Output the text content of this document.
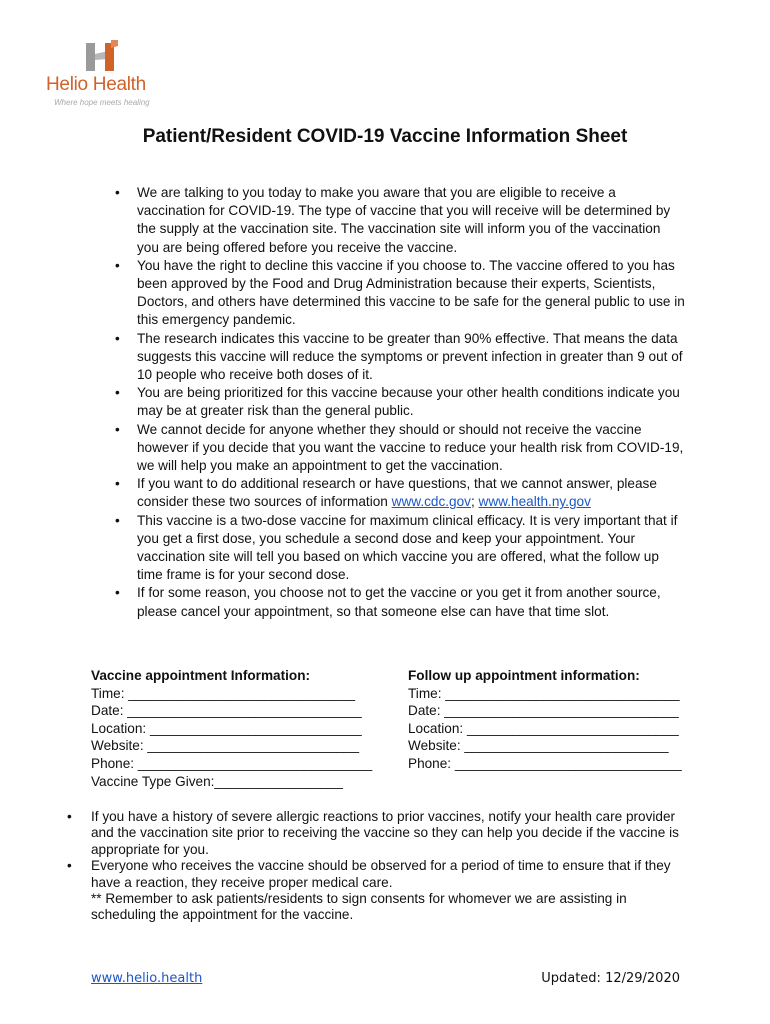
Helio Health
Where hope meets healing
Patient/Resident COVID-19 Vaccine Information Sheet
• We are talking to you today to make you aware that you are eligible to receive a vaccination for COVID-19. The type of vaccine that you will receive will be determined by the supply at the vaccination site. The vaccination site will inform you of the vaccination you are being offered before you receive the vaccine.
• You have the right to decline this vaccine if you choose to. The vaccine offered to you has been approved by the Food and Drug Administration because their experts, Scientists, Doctors, and others have determined this vaccine to be safe for the general public to use in this emergency pandemic.
• The research indicates this vaccine to be greater than 90% effective. That means the data suggests this vaccine will reduce the symptoms or prevent infection in greater than 9 out of 10 people who receive both doses of it.
• You are being prioritized for this vaccine because your other health conditions indicate you may be at greater risk than the general public.
• We cannot decide for anyone whether they should or should not receive the vaccine however if you decide that you want the vaccine to reduce your health risk from COVID-19, we will help you make an appointment to get the vaccination.
• If you want to do additional research or have questions, that we cannot answer, please consider these two sources of information www.cdc.gov; www.health.ny.gov
• This vaccine is a two-dose vaccine for maximum clinical efficacy. It is very important that if you get a first dose, you schedule a second dose and keep your appointment. Your vaccination site will tell you based on which vaccine you are offered, what the follow up time frame is for your second dose.
• If for some reason, you choose not to get the vaccine or you get it from another source, please cancel your appointment, so that someone else can have that time slot.
Vaccine appointment Information:
Time: ______________________________
Date: _______________________________
Location: ____________________________
Website: ____________________________
Phone: _______________________________
Vaccine Type Given:_________________
Follow up appointment information:
Time: _______________________________
Date: _______________________________
Location: ____________________________
Website: ___________________________
Phone: ______________________________
• If you have a history of severe allergic reactions to prior vaccines, notify your health care provider and the vaccination site prior to receiving the vaccine so they can help you decide if the vaccine is appropriate for you.
• Everyone who receives the vaccine should be observed for a period of time to ensure that if they have a reaction, they receive proper medical care.
** Remember to ask patients/residents to sign consents for whomever we are assisting in scheduling the appointment for the vaccine.
www.helio.health	Updated: 12/29/2020
